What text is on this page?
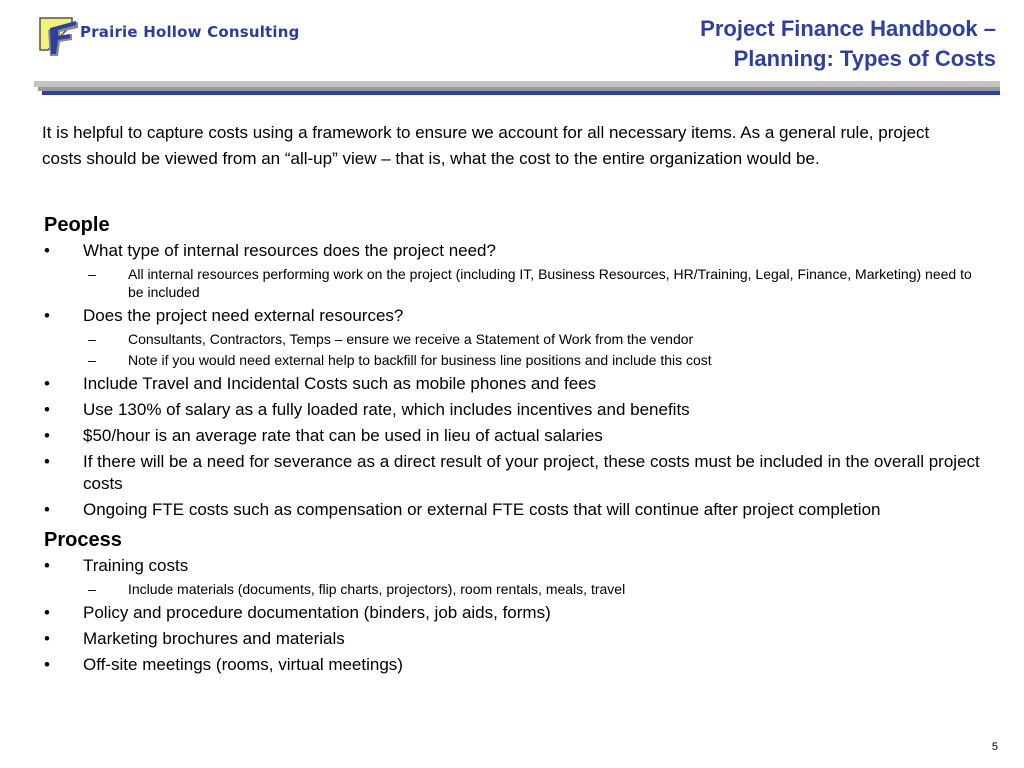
Prairie Hollow Consulting	Project Finance Handbook –
Planning: Types of Costs
It is helpful to capture costs using a framework to ensure we account for all necessary items. As a general rule, project costs should be viewed from an “all-up” view – that is, what the cost to the entire organization would be.
People
• What type of internal resources does the project need?
– All internal resources performing work on the project (including IT, Business Resources, HR/Training, Legal, Finance, Marketing) need to be included
• Does the project need external resources?
– Consultants, Contractors, Temps – ensure we receive a Statement of Work from the vendor
– Note if you would need external help to backfill for business line positions and include this cost
• Include Travel and Incidental Costs such as mobile phones and fees
• Use 130% of salary as a fully loaded rate, which includes incentives and benefits
• $50/hour is an average rate that can be used in lieu of actual salaries
• If there will be a need for severance as a direct result of your project, these costs must be included in the overall project costs
• Ongoing FTE costs such as compensation or external FTE costs that will continue after project completion
Process
• Training costs
– Include materials (documents, flip charts, projectors), room rentals, meals, travel
• Policy and procedure documentation (binders, job aids, forms)
• Marketing brochures and materials
• Off-site meetings (rooms, virtual meetings)
5
